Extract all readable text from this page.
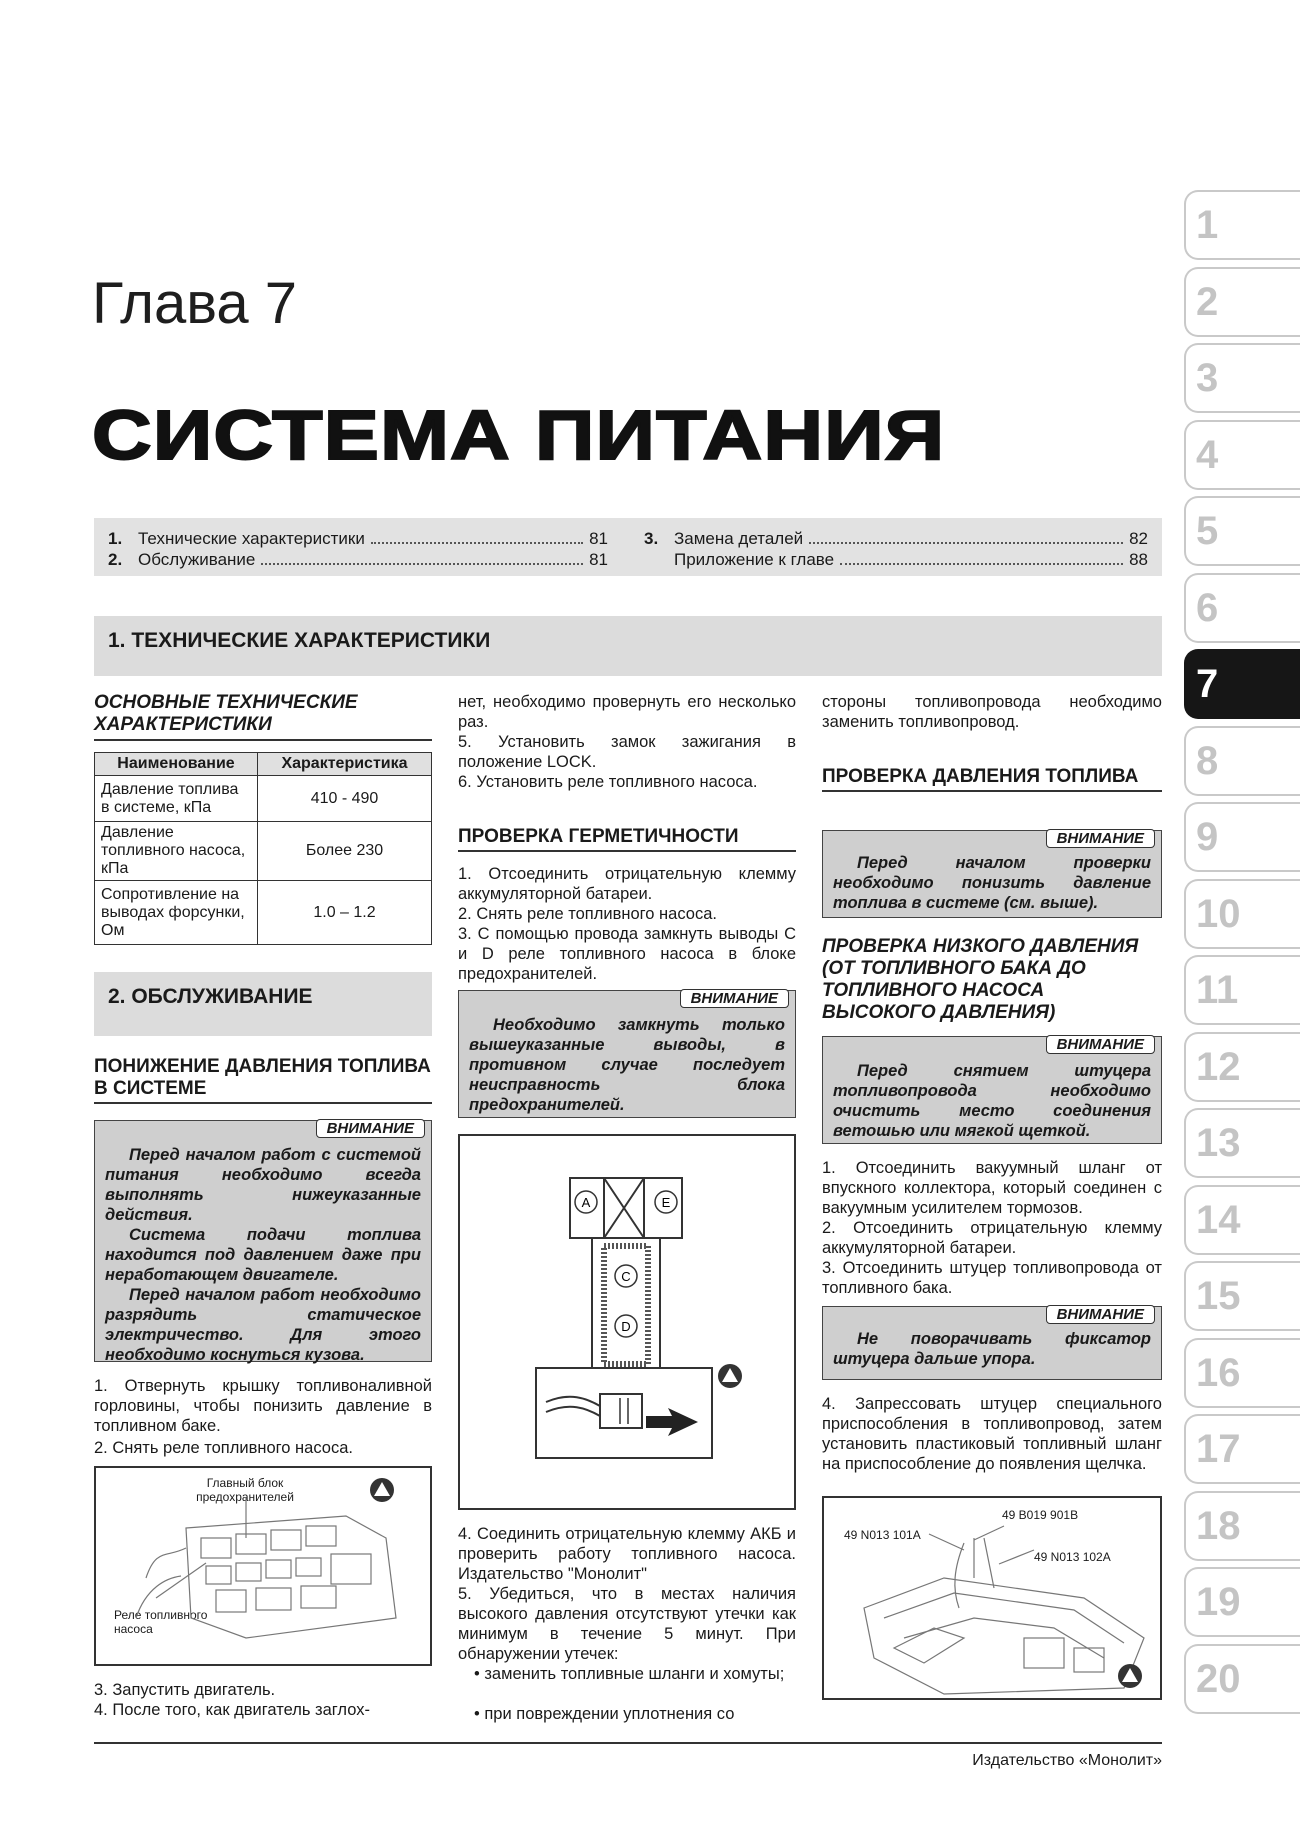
1
2
3
4
5
6
7
8
9
10
11
12
13
14
15
16
17
18
19
20
Глава 7
СИСТЕМА ПИТАНИЯ
1. Технические характеристики	81
2. Обслуживание	81
3. Замена деталей	82
Приложение к главе	88
1. ТЕХНИЧЕСКИЕ ХАРАКТЕРИСТИКИ
ОСНОВНЫЕ ТЕХНИЧЕСКИЕ ХАРАКТЕРИСТИКИ
Наименование	Характеристика
Давление топлива в системе, кПа	410 - 490
Давление топливного насоса, кПа	Более 230
Сопротивление на выводах форсунки, Ом	1.0 – 1.2
2. ОБСЛУЖИВАНИЕ
ПОНИЖЕНИЕ ДАВЛЕНИЯ ТОПЛИВА В СИСТЕМЕ
ВНИМАНИЕ
Перед началом работ с системой питания необходимо всегда выполнять нижеуказанные действия.
Система подачи топлива находится под давлением даже при неработающем двигателе.
Перед началом работ необходимо разрядить статическое электричество. Для этого необходимо коснуться кузова.
1. Отвернуть крышку топливоналивной горловины, чтобы понизить давление в топливном баке.
2. Снять реле топливного насоса.
Главный блок предохранителей
Реле топливного насоса
3. Запустить двигатель.
4. После того, как двигатель заглох-
нет, необходимо провернуть его несколько раз.
5. Установить замок зажигания в положение LOCK.
6. Установить реле топливного насоса.
ПРОВЕРКА ГЕРМЕТИЧНОСТИ
1. Отсоединить отрицательную клемму аккумуляторной батареи.
2. Снять реле топливного насоса.
3. С помощью провода замкнуть выводы C и D реле топливного насоса в блоке предохранителей.
ВНИМАНИЕ
Необходимо замкнуть только вышеуказанные выводы, в противном случае последует неисправность блока предохранителей.
A	E
C
D
4. Соединить отрицательную клемму АКБ и проверить работу топливного насоса. Издательство "Монолит"
5. Убедиться, что в местах наличия высокого давления отсутствуют утечки как минимум в течение 5 минут. При обнаружении утечек:
• заменить топливные шланги и хомуты;
• при повреждении уплотнения со
стороны топливопровода необходимо заменить топливопровод.
ПРОВЕРКА ДАВЛЕНИЯ ТОПЛИВА
ВНИМАНИЕ
Перед началом проверки необходимо понизить давление топлива в системе (см. выше).
ПРОВЕРКА НИЗКОГО ДАВЛЕНИЯ (ОТ ТОПЛИВНОГО БАКА ДО ТОПЛИВНОГО НАСОСА ВЫСОКОГО ДАВЛЕНИЯ)
ВНИМАНИЕ
Перед снятием штуцера топливопровода необходимо очистить место соединения ветошью или мягкой щеткой.
1. Отсоединить вакуумный шланг от впускного коллектора, который соединен с вакуумным усилителем тормозов.
2. Отсоединить отрицательную клемму аккумуляторной батареи.
3. Отсоединить штуцер топливопровода от топливного бака.
ВНИМАНИЕ
Не поворачивать фиксатор штуцера дальше упора.
4. Запрессовать штуцер специального приспособления в топливопровод, затем установить пластиковый топливный шланг на приспособление до появления щелчка.
49 B019 901B
49 N013 101A
49 N013 102A
Издательство «Монолит»
